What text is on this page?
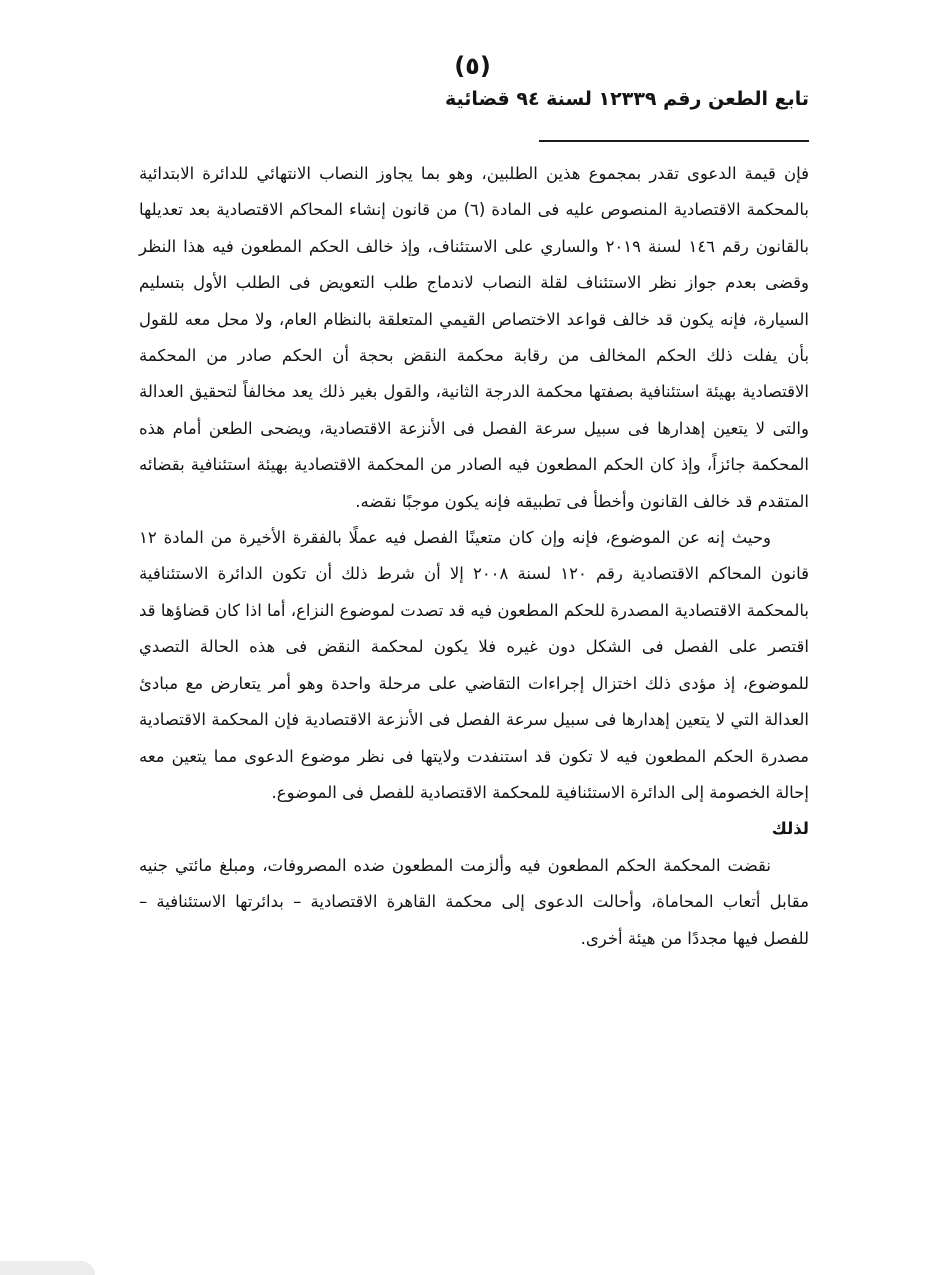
(٥)
تابع الطعن رقم ١٢٣٣٩ لسنة ٩٤ قضائية

فإن قيمة الدعوى تقدر بمجموع هذين الطلبين، وهو بما يجاوز النصاب الانتهائي للدائرة الابتدائية بالمحكمة الاقتصادية المنصوص عليه فى المادة (٦) من قانون إنشاء المحاكم الاقتصادية بعد تعديلها بالقانون رقم ١٤٦ لسنة ٢٠١٩ والساري على الاستئناف، وإذ خالف الحكم المطعون فيه هذا النظر وقضى بعدم جواز نظر الاستئناف لقلة النصاب لاندماج طلب التعويض فى الطلب الأول بتسليم السيارة، فإنه يكون قد خالف قواعد الاختصاص القيمي المتعلقة بالنظام العام، ولا محل معه للقول بأن يفلت ذلك الحكم المخالف من رقابة محكمة النقض بحجة أن الحكم صادر من المحكمة الاقتصادية بهيئة استئنافية بصفتها محكمة الدرجة الثانية، والقول بغير ذلك يعد مخالفاً لتحقيق العدالة والتى لا يتعين إهدارها فى سبيل سرعة الفصل فى الأنزعة الاقتصادية، ويضحى الطعن أمام هذه المحكمة جائزاً، وإذ كان الحكم المطعون فيه الصادر من المحكمة الاقتصادية بهيئة استئنافية بقضائه المتقدم قد خالف القانون وأخطأ فى تطبيقه فإنه يكون موجبًا نقضه.

وحيث إنه عن الموضوع، فإنه وإن كان متعينًا الفصل فيه عملًا بالفقرة الأخيرة من المادة ١٢ قانون المحاكم الاقتصادية رقم ١٢٠ لسنة ٢٠٠٨ إلا أن شرط ذلك أن تكون الدائرة الاستئنافية بالمحكمة الاقتصادية المصدرة للحكم المطعون فيه قد تصدت لموضوع النزاع، أما اذا كان قضاؤها قد اقتصر على الفصل فى الشكل دون غيره فلا يكون لمحكمة النقض فى هذه الحالة التصدي للموضوع، إذ مؤدى ذلك اختزال إجراءات التقاضي على مرحلة واحدة وهو أمر يتعارض مع مبادئ العدالة التي لا يتعين إهدارها فى سبيل سرعة الفصل فى الأنزعة الاقتصادية فإن المحكمة الاقتصادية مصدرة الحكم المطعون فيه لا تكون قد استنفدت ولايتها فى نظر موضوع الدعوى مما يتعين معه إحالة الخصومة إلى الدائرة الاستئنافية للمحكمة الاقتصادية للفصل فى الموضوع.

لذلك

نقضت المحكمة الحكم المطعون فيه وألزمت المطعون ضده المصروفات، ومبلغ مائتي جنيه مقابل أتعاب المحاماة، وأحالت الدعوى إلى محكمة القاهرة الاقتصادية – بدائرتها الاستئنافية – للفصل فيها مجددًا من هيئة أخرى.
